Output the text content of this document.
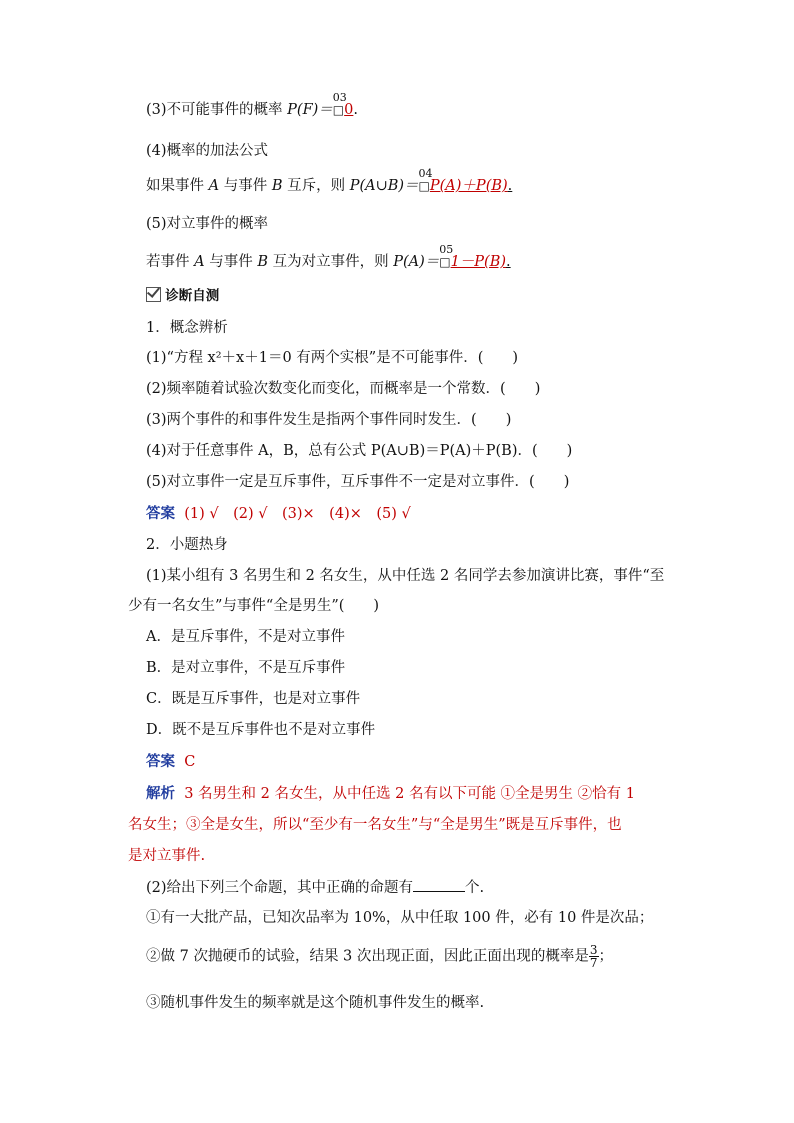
(3)不可能事件的概率 P(F)＝
03
□0.
(4)概率的加法公式
如果事件 A 与事件 B 互斥，则 P(A∪B)＝
04
□P(A)＋P(B).
(5)对立事件的概率
若事件 A 与事件 B 互为对立事件，则 P(A)＝
05
□1－P(B).
诊断自测
1．概念辨析
(1)“方程 x²＋x＋1＝0 有两个实根”是不可能事件．(　　)
(2)频率随着试验次数变化而变化，而概率是一个常数．(　　)
(3)两个事件的和事件发生是指两个事件同时发生．(　　)
(4)对于任意事件 A，B，总有公式 P(A∪B)＝P(A)＋P(B)．(　　)
(5)对立事件一定是互斥事件，互斥事件不一定是对立事件．(　　)
答案 (1) √　(2) √　(3)×　(4)×　(5) √
2．小题热身
(1)某小组有 3 名男生和 2 名女生，从中任选 2 名同学去参加演讲比赛，事件“至
少有一名女生”与事件“全是男生”(　　)
A．是互斥事件，不是对立事件
B．是对立事件，不是互斥事件
C．既是互斥事件，也是对立事件
D．既不是互斥事件也不是对立事件
答案 C
解析 3 名男生和 2 名女生，从中任选 2 名有以下可能 ①全是男生 ②恰有 1
名女生；③全是女生，所以“至少有一名女生”与“全是男生”既是互斥事件，也
是对立事件.
(2)给出下列三个命题，其中正确的命题有	个.
①有一大批产品，已知次品率为 10%，从中任取 100 件，必有 10 件是次品；
②做 7 次抛硬币的试验，结果 3 次出现正面，因此正面出现的概率是 $\frac{3}{7}$ ；
③随机事件发生的频率就是这个随机事件发生的概率.
